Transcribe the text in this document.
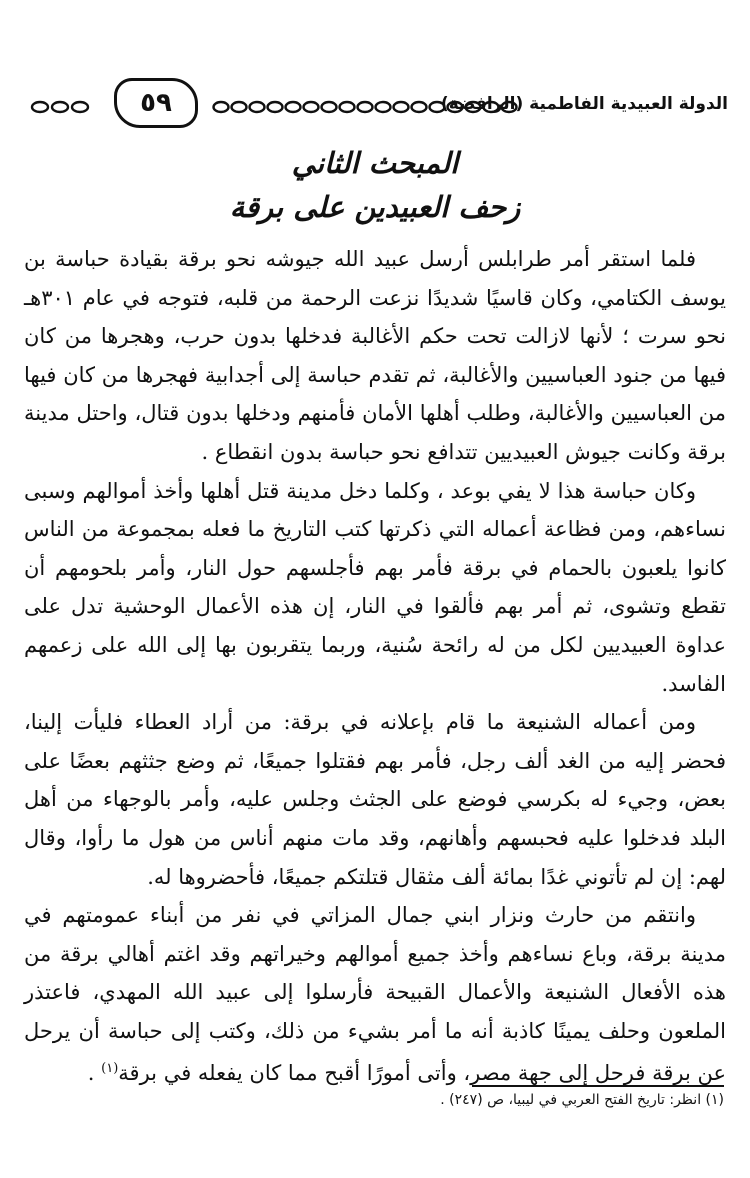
٥٩	الدولة العبيدية الفاطمية (الرافضة)
المبحث الثاني
زحف العبيدين على برقة

فلما استقر أمر طرابلس أرسل عبيد الله جيوشه نحو برقة بقيادة حباسة بن يوسف الكتامي، وكان قاسيًا شديدًا نزعت الرحمة من قلبه، فتوجه في عام ٣٠١هـ نحو سرت ؛ لأنها لازالت تحت حكم الأغالبة فدخلها بدون حرب، وهجرها من كان فيها من جنود العباسيين والأغالبة، ثم تقدم حباسة إلى أجدابية فهجرها من كان فيها من العباسيين والأغالبة، وطلب أهلها الأمان فأمنهم ودخلها بدون قتال، واحتل مدينة برقة وكانت جيوش العبيديين تتدافع نحو حباسة بدون انقطاع .

وكان حباسة هذا لا يفي بوعد ، وكلما دخل مدينة قتل أهلها وأخذ أموالهم وسبى نساءهم، ومن فظاعة أعماله التي ذكرتها كتب التاريخ ما فعله بمجموعة من الناس كانوا يلعبون بالحمام في برقة فأمر بهم فأجلسهم حول النار، وأمر بلحومهم أن تقطع وتشوى، ثم أمر بهم فألقوا في النار، إن هذه الأعمال الوحشية تدل على عداوة العبيديين لكل من له رائحة سُنية، وربما يتقربون بها إلى الله على زعمهم الفاسد.

ومن أعماله الشنيعة ما قام بإعلانه في برقة: من أراد العطاء فليأت إلينا، فحضر إليه من الغد ألف رجل، فأمر بهم فقتلوا جميعًا، ثم وضع جثثهم بعضًا على بعض، وجيء له بكرسي فوضع على الجثث وجلس عليه، وأمر بالوجهاء من أهل البلد فدخلوا عليه فحبسهم وأهانهم، وقد مات منهم أناس من هول ما رأوا، وقال لهم: إن لم تأتوني غدًا بمائة ألف مثقال قتلتكم جميعًا، فأحضروها له.

وانتقم من حارث ونزار ابني جمال المزاتي في نفر من أبناء عمومتهم في مدينة برقة، وباع نساءهم وأخذ جميع أموالهم وخيراتهم وقد اغتم أهالي برقة من هذه الأفعال الشنيعة والأعمال القبيحة فأرسلوا إلى عبيد الله المهدي، فاعتذر الملعون وحلف يمينًا كاذبة أنه ما أمر بشيء من ذلك، وكتب إلى حباسة أن يرحل عن برقة فرحل إلى جهة مصر، وأتى أمورًا أقبح مما كان يفعله في برقة$^{(١)}$ .

(١) انظر: تاريخ الفتح العربي في ليبيا، ص (٢٤٧) .
